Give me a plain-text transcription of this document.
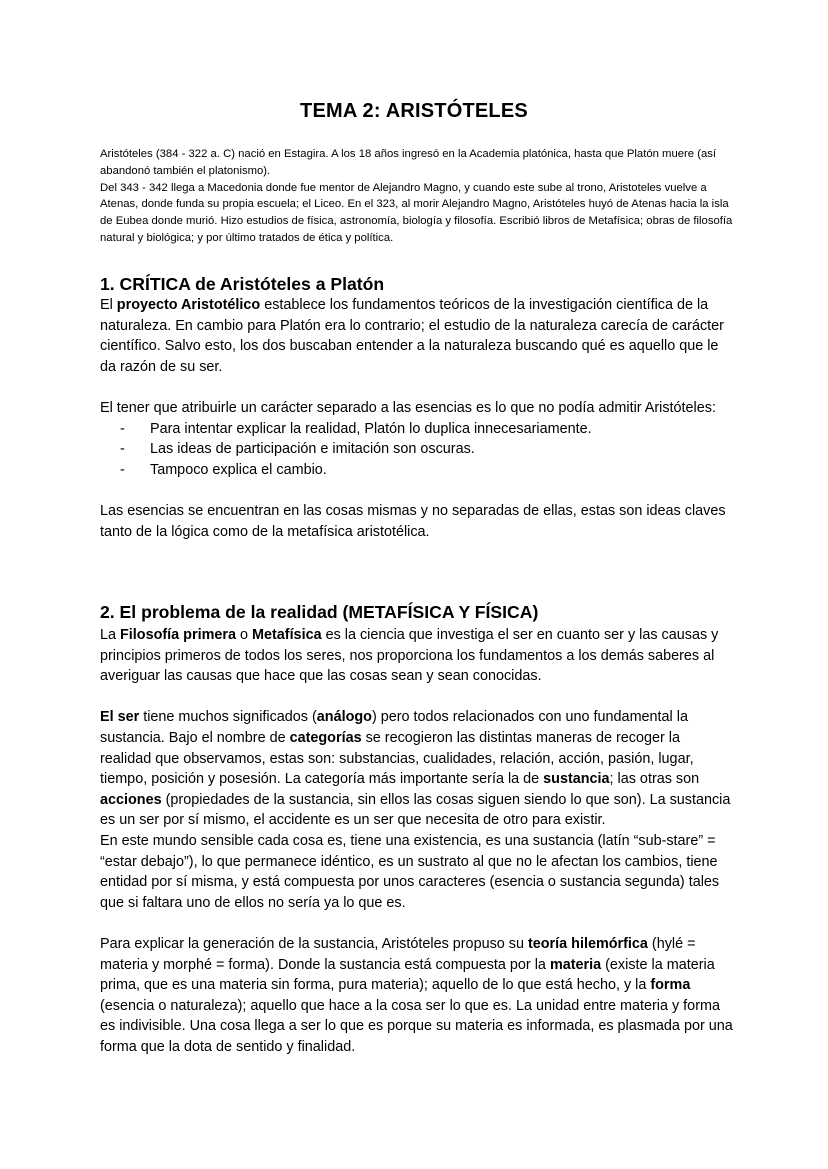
TEMA 2: ARISTÓTELES

Aristóteles (384 - 322 a. C) nació en Estagira. A los 18 años ingresó en la Academia platónica, hasta que Platón muere (así abandonó también el platonismo).

Del 343 - 342 llega a Macedonia donde fue mentor de Alejandro Magno, y cuando este sube al trono, Aristoteles vuelve a Atenas, donde funda su propia escuela; el Liceo. En el 323, al morir Alejandro Magno, Aristóteles huyó de Atenas hacia la isla de Eubea donde murió. Hizo estudios de física, astronomía, biología y filosofía. Escribió libros de Metafísica; obras de filosofía natural y biológica; y por último tratados de ética y política.

1. CRÍTICA de Aristóteles a Platón

El proyecto Aristotélico establece los fundamentos teóricos de la investigación científica de la naturaleza. En cambio para Platón era lo contrario; el estudio de la naturaleza carecía de carácter científico. Salvo esto, los dos buscaban entender a la naturaleza buscando qué es aquello que le da razón de su ser.

El tener que atribuirle un carácter separado a las esencias es lo que no podía admitir Aristóteles:

-	Para intentar explicar la realidad, Platón lo duplica innecesariamente.
-	Las ideas de participación e imitación son oscuras.
-	Tampoco explica el cambio.

Las esencias se encuentran en las cosas mismas y no separadas de ellas, estas son ideas claves tanto de la lógica como de la metafísica aristotélica.

2. El problema de la realidad (METAFÍSICA Y FÍSICA)

La Filosofía primera o Metafísica es la ciencia que investiga el ser en cuanto ser y las causas y principios primeros de todos los seres, nos proporciona los fundamentos a los demás saberes al averiguar las causas que hace que las cosas sean y sean conocidas.

El ser tiene muchos significados (análogo) pero todos relacionados con uno fundamental la sustancia. Bajo el nombre de categorías se recogieron las distintas maneras de recoger la realidad que observamos, estas son: substancias, cualidades, relación, acción, pasión, lugar, tiempo, posición y posesión. La categoría más importante sería la de sustancia; las otras son acciones (propiedades de la sustancia, sin ellos las cosas siguen siendo lo que son). La sustancia es un ser por sí mismo, el accidente es un ser que necesita de otro para existir.

En este mundo sensible cada cosa es, tiene una existencia, es una sustancia (latín “sub-stare” = “estar debajo”), lo que permanece idéntico, es un sustrato al que no le afectan los cambios, tiene entidad por sí misma, y está compuesta por unos caracteres (esencia o sustancia segunda) tales que si faltara uno de ellos no sería ya lo que es.

Para explicar la generación de la sustancia, Aristóteles propuso su teoría hilemórfica (hylé = materia y morphé = forma). Donde la sustancia está compuesta por la materia (existe la materia prima, que es una materia sin forma, pura materia); aquello de lo que está hecho, y la forma (esencia o naturaleza); aquello que hace a la cosa ser lo que es. La unidad entre materia y forma es indivisible. Una cosa llega a ser lo que es porque su materia es informada, es plasmada por una forma que la dota de sentido y finalidad.
